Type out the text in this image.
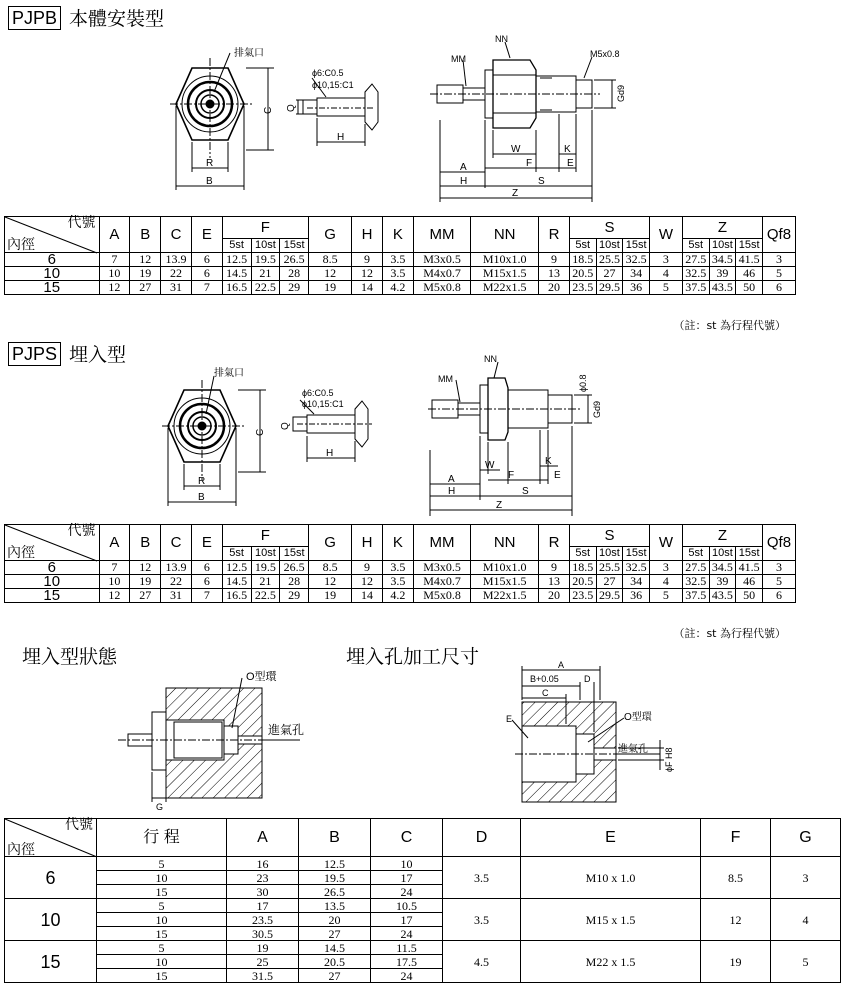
PJPB 本體安裝型
排氣口
C
R
B
ϕ6:C0.5
ϕ10,15:C1
Q
H
MM
NN
M5x0.8
Gd9
W	K
F	E
A
H	S
Z
代號
內徑	A	B	C	E	F			G	H	K	MM	NN	R	S			W	Z			Qf8
					5st	10st	15st							5st	10st	15st		5st	10st	15st	
6	7	12	13.9	6	12.5	19.5	26.5	8.5	9	3.5	M3x0.5	M10x1.0	9	18.5	25.5	32.5	3	27.5	34.5	41.5	3
10	10	19	22	6	14.5	21	28	12	12	3.5	M4x0.7	M15x1.5	13	20.5	27	34	4	32.5	39	46	5
15	12	27	31	7	16.5	22.5	29	19	14	4.2	M5x0.8	M22x1.5	20	23.5	29.5	36	5	37.5	43.5	50	6
（註：st 為行程代號）
PJPS 埋入型
排氣口
C
R
B
ϕ6:C0.5
ϕ10,15:C1
Q
H
MM
NN
ϕ0.8
Gd9
W	K
F	E
A
H	S
Z
代號
內徑	A	B	C	E	F			G	H	K	MM	NN	R	S			W	Z			Qf8
					5st	10st	15st							5st	10st	15st		5st	10st	15st	
6	7	12	13.9	6	12.5	19.5	26.5	8.5	9	3.5	M3x0.5	M10x1.0	9	18.5	25.5	32.5	3	27.5	34.5	41.5	3
10	10	19	22	6	14.5	21	28	12	12	3.5	M4x0.7	M15x1.5	13	20.5	27	34	4	32.5	39	46	5
15	12	27	31	7	16.5	22.5	29	19	14	4.2	M5x0.8	M22x1.5	20	23.5	29.5	36	5	37.5	43.5	50	6
（註：st 為行程代號）
埋入型狀態	埋入孔加工尺寸
O型環
進氣孔
G
A
B+0.05	D
C
E	O型環
進氣孔 ϕF H8
代號
內徑	行 程	A	B	C	D	E	F	G
6	5	16	12.5	10	3.5	M10 x 1.0	8.5	3
	10	23	19.5	17				
	15	30	26.5	24				
10	5	17	13.5	10.5	3.5	M15 x 1.5	12	4
	10	23.5	20	17				
	15	30.5	27	24				
15	5	19	14.5	11.5	4.5	M22 x 1.5	19	5
	10	25	20.5	17.5				
	15	31.5	27	24				
